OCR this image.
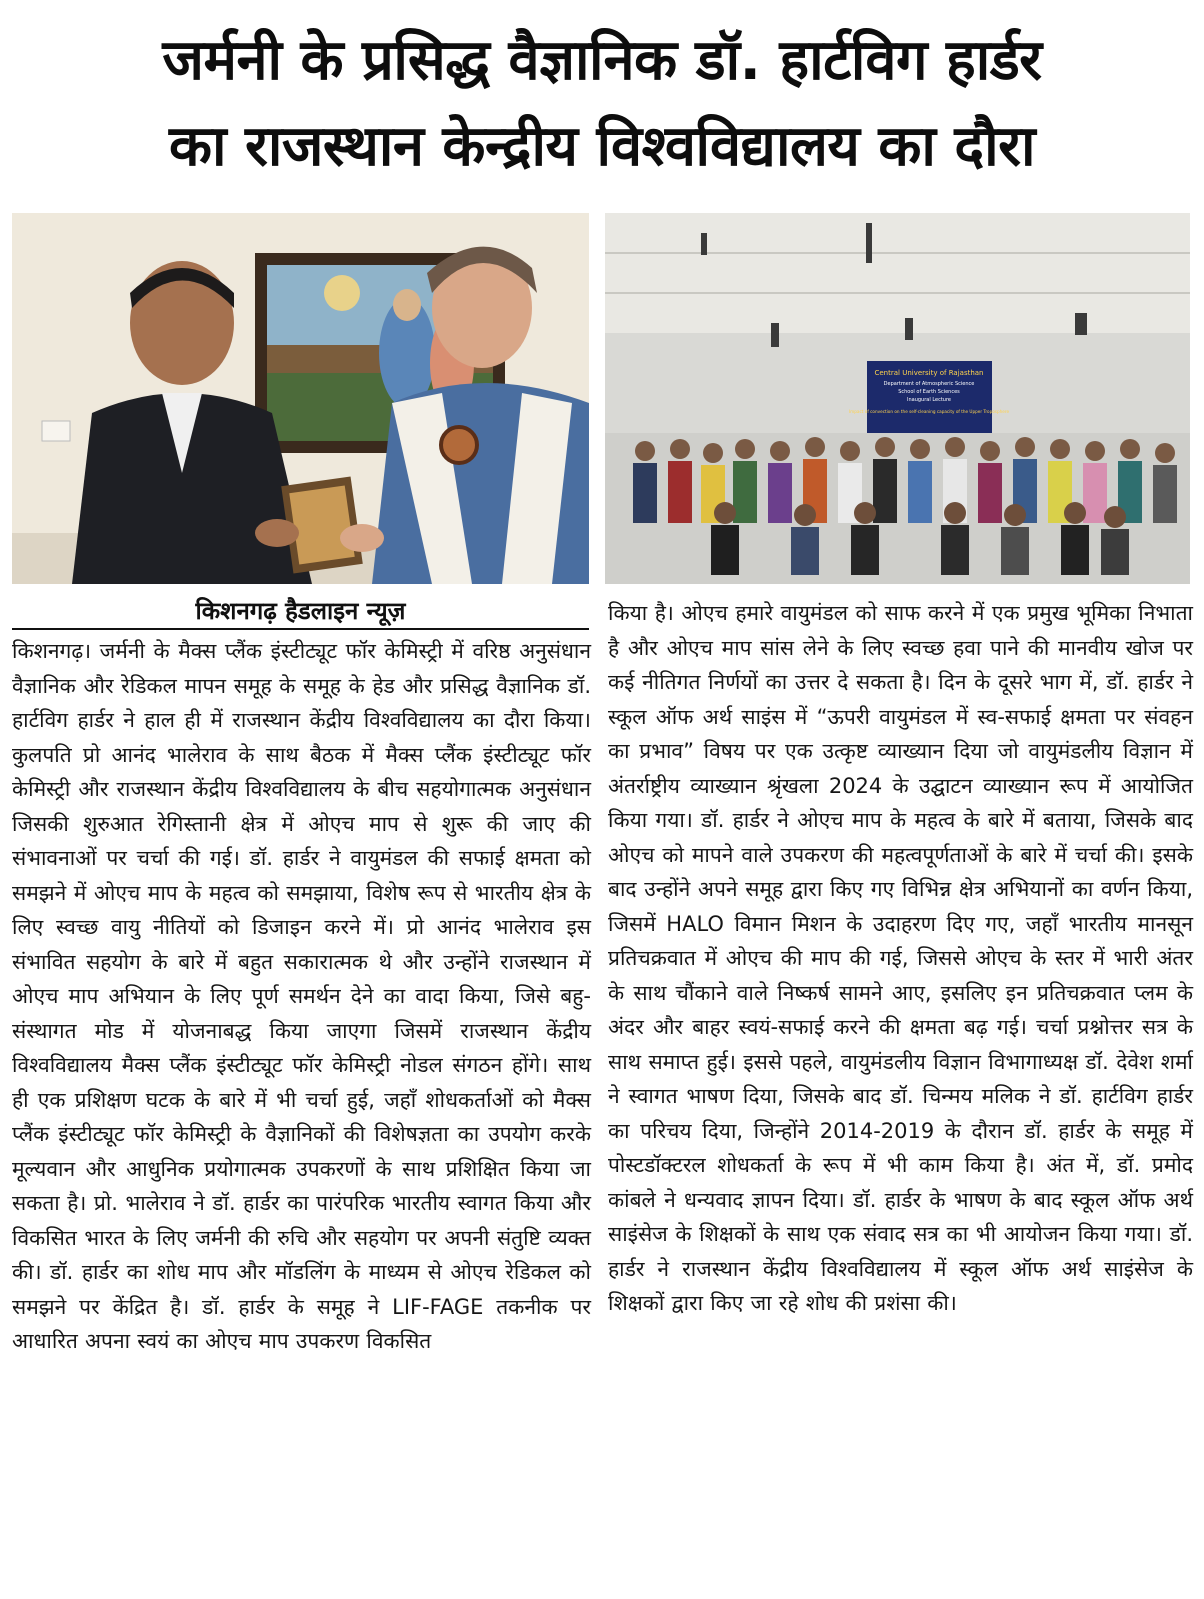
जर्मनी के प्रसिद्ध वैज्ञानिक डॉ. हार्टविग हार्डर
का राजस्थान केन्द्रीय विश्वविद्यालय का दौरा
Central University of Rajasthan
Department of Atmospheric Science
School of Earth Sciences
Inaugural Lecture
Impact of convection on the self-cleaning capacity of the Upper Troposphere
किशनगढ़ हैडलाइन न्यूज़

किशनगढ़। जर्मनी के मैक्स प्लैंक इंस्टीट्यूट फॉर केमिस्ट्री में वरिष्ठ अनुसंधान वैज्ञानिक और रेडिकल मापन समूह के समूह के हेड और प्रसिद्ध वैज्ञानिक डॉ. हार्टविग हार्डर ने हाल ही में राजस्थान केंद्रीय विश्वविद्यालय का दौरा किया। कुलपति प्रो आनंद भालेराव के साथ बैठक में मैक्स प्लैंक इंस्टीट्यूट फॉर केमिस्ट्री और राजस्थान केंद्रीय विश्वविद्यालय के बीच सहयोगात्मक अनुसंधान जिसकी शुरुआत रेगिस्तानी क्षेत्र में ओएच माप से शुरू की जाए की संभावनाओं पर चर्चा की गई। डॉ. हार्डर ने वायुमंडल की सफाई क्षमता को समझने में ओएच माप के महत्व को समझाया, विशेष रूप से भारतीय क्षेत्र के लिए स्वच्छ वायु नीतियों को डिजाइन करने में। प्रो आनंद भालेराव इस संभावित सहयोग के बारे में बहुत सकारात्मक थे और उन्होंने राजस्थान में ओएच माप अभियान के लिए पूर्ण समर्थन देने का वादा किया, जिसे बहु-संस्थागत मोड में योजनाबद्ध किया जाएगा जिसमें राजस्थान केंद्रीय विश्वविद्यालय मैक्स प्लैंक इंस्टीट्यूट फॉर केमिस्ट्री नोडल संगठन होंगे। साथ ही एक प्रशिक्षण घटक के बारे में भी चर्चा हुई, जहाँ शोधकर्ताओं को मैक्स प्लैंक इंस्टीट्यूट फॉर केमिस्ट्री के वैज्ञानिकों की विशेषज्ञता का उपयोग करके मूल्यवान और आधुनिक प्रयोगात्मक उपकरणों के साथ प्रशिक्षित किया जा सकता है। प्रो. भालेराव ने डॉ. हार्डर का पारंपरिक भारतीय स्वागत किया और विकसित भारत के लिए जर्मनी की रुचि और सहयोग पर अपनी संतुष्टि व्यक्त की। डॉ. हार्डर का शोध माप और मॉडलिंग के माध्यम से ओएच रेडिकल को समझने पर केंद्रित है। डॉ. हार्डर के समूह ने LIF-FAGE तकनीक पर आधारित अपना स्वयं का ओएच माप उपकरण विकसित

किया है। ओएच हमारे वायुमंडल को साफ करने में एक प्रमुख भूमिका निभाता है और ओएच माप सांस लेने के लिए स्वच्छ हवा पाने की मानवीय खोज पर कई नीतिगत निर्णयों का उत्तर दे सकता है। दिन के दूसरे भाग में, डॉ. हार्डर ने स्कूल ऑफ अर्थ साइंस में “ऊपरी वायुमंडल में स्व-सफाई क्षमता पर संवहन का प्रभाव” विषय पर एक उत्कृष्ट व्याख्यान दिया जो वायुमंडलीय विज्ञान में अंतर्राष्ट्रीय व्याख्यान श्रृंखला 2024 के उद्घाटन व्याख्यान रूप में आयोजित किया गया। डॉ. हार्डर ने ओएच माप के महत्व के बारे में बताया, जिसके बाद ओएच को मापने वाले उपकरण की महत्वपूर्णताओं के बारे में चर्चा की। इसके बाद उन्होंने अपने समूह द्वारा किए गए विभिन्न क्षेत्र अभियानों का वर्णन किया, जिसमें HALO विमान मिशन के उदाहरण दिए गए, जहाँ भारतीय मानसून प्रतिचक्रवात में ओएच की माप की गई, जिससे ओएच के स्तर में भारी अंतर के साथ चौंकाने वाले निष्कर्ष सामने आए, इसलिए इन प्रतिचक्रवात प्लम के अंदर और बाहर स्वयं-सफाई करने की क्षमता बढ़ गई। चर्चा प्रश्नोत्तर सत्र के साथ समाप्त हुई। इससे पहले, वायुमंडलीय विज्ञान विभागाध्यक्ष डॉ. देवेश शर्मा ने स्वागत भाषण दिया, जिसके बाद डॉ. चिन्मय मलिक ने डॉ. हार्टविग हार्डर का परिचय दिया, जिन्होंने 2014-2019 के दौरान डॉ. हार्डर के समूह में पोस्टडॉक्टरल शोधकर्ता के रूप में भी काम किया है। अंत में, डॉ. प्रमोद कांबले ने धन्यवाद ज्ञापन दिया। डॉ. हार्डर के भाषण के बाद स्कूल ऑफ अर्थ साइंसेज के शिक्षकों के साथ एक संवाद सत्र का भी आयोजन किया गया। डॉ. हार्डर ने राजस्थान केंद्रीय विश्वविद्यालय में स्कूल ऑफ अर्थ साइंसेज के शिक्षकों द्वारा किए जा रहे शोध की प्रशंसा की।
